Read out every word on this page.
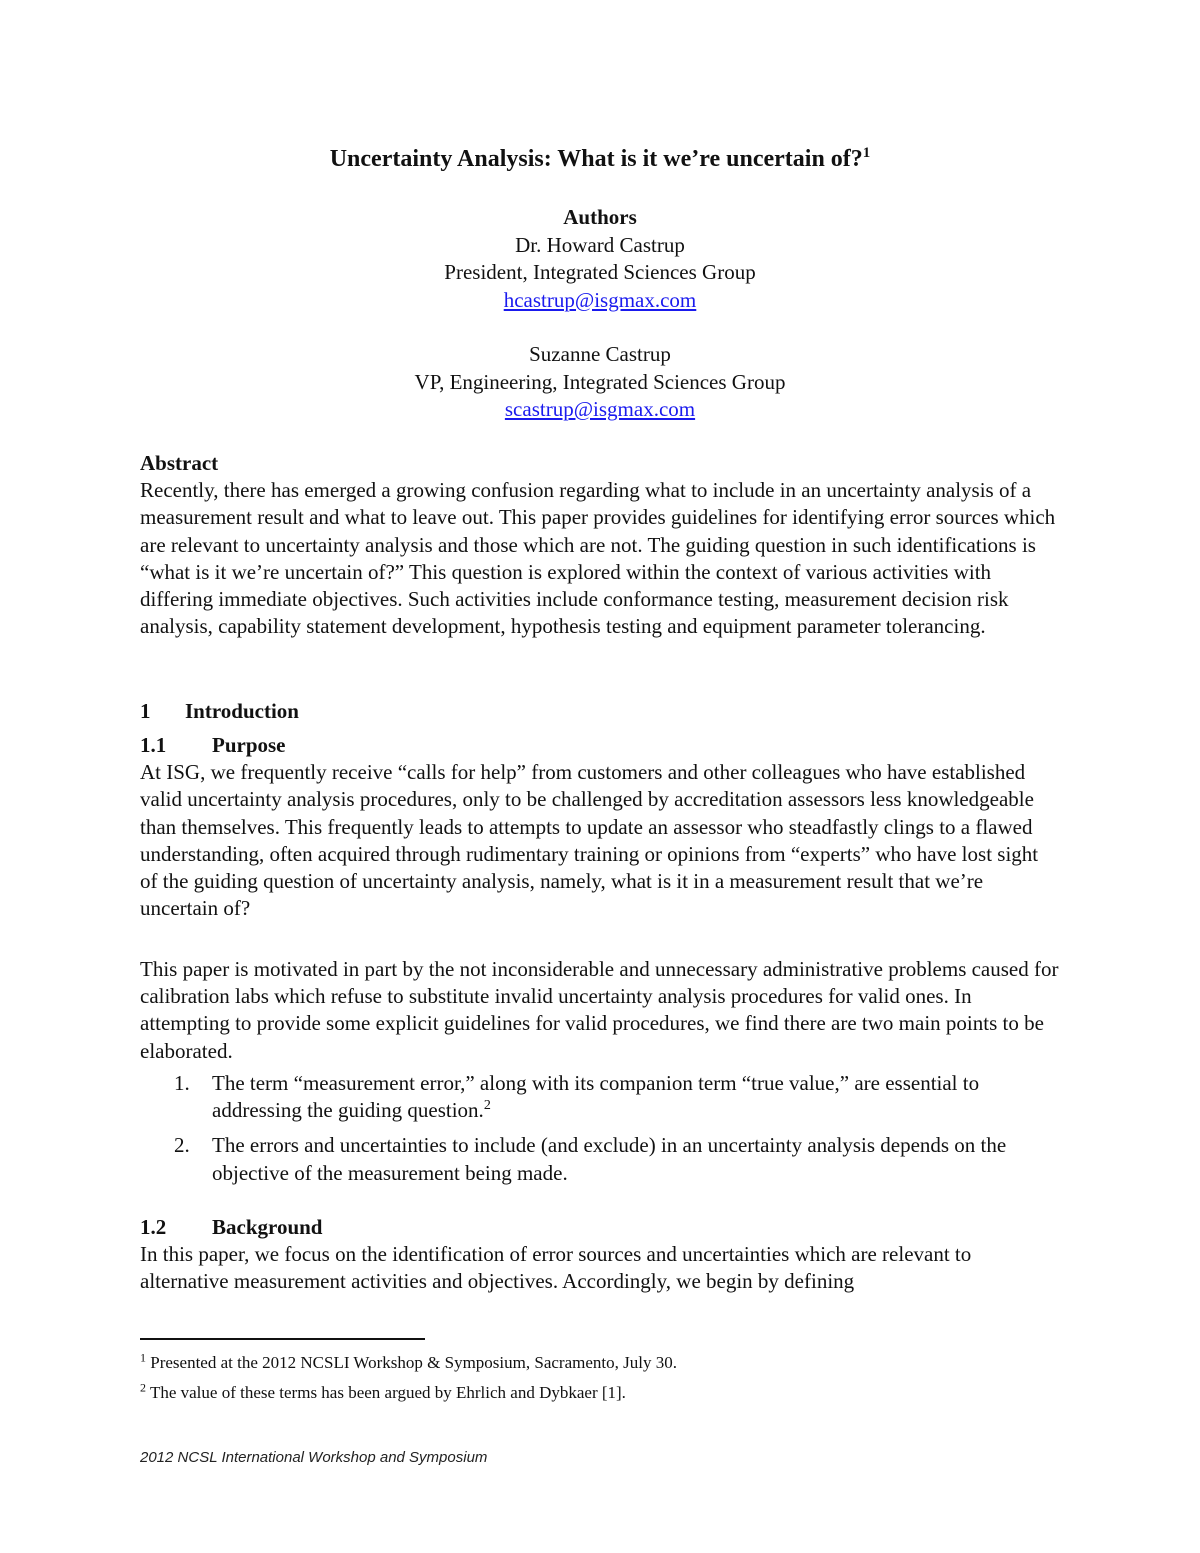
Uncertainty Analysis: What is it we’re uncertain of?$^1$
Authors
Dr. Howard Castrup
President, Integrated Sciences Group
hcastrup@isgmax.com
Suzanne Castrup
VP, Engineering, Integrated Sciences Group
scastrup@isgmax.com
Abstract

Recently, there has emerged a growing confusion regarding what to include in an uncertainty analysis of a measurement result and what to leave out. This paper provides guidelines for identifying error sources which are relevant to uncertainty analysis and those which are not. The guiding question in such identifications is “what is it we’re uncertain of?” This question is explored within the context of various activities with differing immediate objectives. Such activities include conformance testing, measurement decision risk analysis, capability statement development, hypothesis testing and equipment parameter tolerancing.

1 Introduction
1.1 Purpose

At ISG, we frequently receive “calls for help” from customers and other colleagues who have established valid uncertainty analysis procedures, only to be challenged by accreditation assessors less knowledgeable than themselves. This frequently leads to attempts to update an assessor who steadfastly clings to a flawed understanding, often acquired through rudimentary training or opinions from “experts” who have lost sight of the guiding question of uncertainty analysis, namely, what is it in a measurement result that we’re uncertain of?

This paper is motivated in part by the not inconsiderable and unnecessary administrative problems caused for calibration labs which refuse to substitute invalid uncertainty analysis procedures for valid ones. In attempting to provide some explicit guidelines for valid procedures, we find there are two main points to be elaborated.

1. The term “measurement error,” along with its companion term “true value,” are essential to addressing the guiding question.$^2$
2. The errors and uncertainties to include (and exclude) in an uncertainty analysis depends on the objective of the measurement being made.
1.2 Background

In this paper, we focus on the identification of error sources and uncertainties which are relevant to alternative measurement activities and objectives. Accordingly, we begin by defining

$^1$ Presented at the 2012 NCSLI Workshop & Symposium, Sacramento, July 30.
$^2$ The value of these terms has been argued by Ehrlich and Dybkaer [1].
2012 NCSL International Workshop and Symposium
